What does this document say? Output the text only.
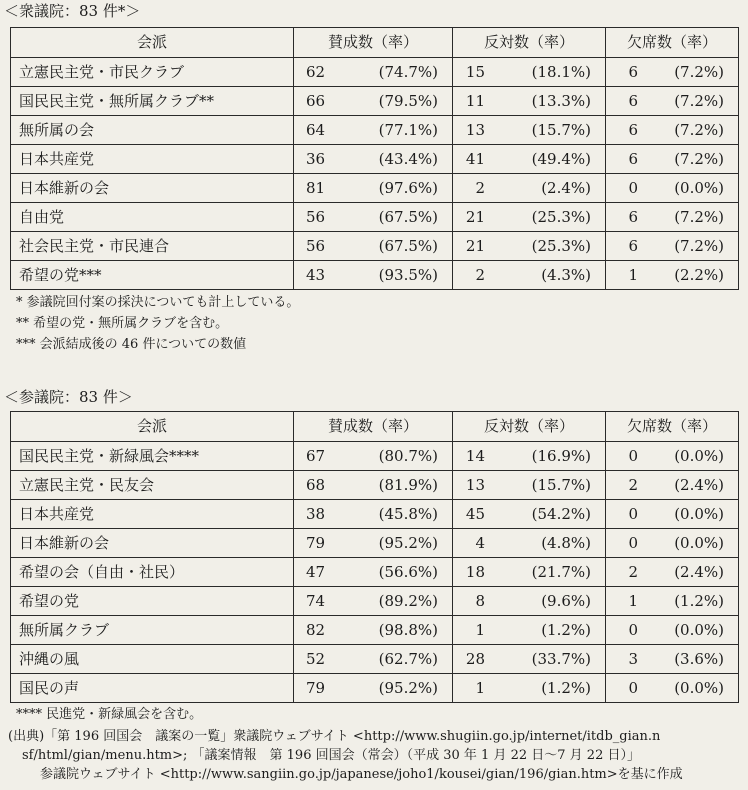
＜衆議院：83 件*＞
会派	賛成数（率）	反対数（率）	欠席数（率）
立憲民主党・市民クラブ	62 (74.7%)	15 (18.1%)	6 (7.2%)

国民民主党・無所属クラブ**	66 (79.5%)	11 (13.3%)	6 (7.2%)

無所属の会	64 (77.1%)	13 (15.7%)	6 (7.2%)

日本共産党	36 (43.4%)	41 (49.4%)	6 (7.2%)

日本維新の会	81 (97.6%)	2 (2.4%)	0 (0.0%)

自由党	56 (67.5%)	21 (25.3%)	6 (7.2%)

社会民主党・市民連合	56 (67.5%)	21 (25.3%)	6 (7.2%)

希望の党***	43 (93.5%)	2 (4.3%)	1 (2.2%)
* 参議院回付案の採決についても計上している。
** 希望の党・無所属クラブを含む。
*** 会派結成後の 46 件についての数値
＜参議院：83 件＞
会派	賛成数（率）	反対数（率）	欠席数（率）
国民民主党・新緑風会****	67 (80.7%)	14 (16.9%)	0 (0.0%)

立憲民主党・民友会	68 (81.9%)	13 (15.7%)	2 (2.4%)

日本共産党	38 (45.8%)	45 (54.2%)	0 (0.0%)

日本維新の会	79 (95.2%)	4 (4.8%)	0 (0.0%)

希望の会（自由・社民）	47 (56.6%)	18 (21.7%)	2 (2.4%)

希望の党	74 (89.2%)	8 (9.6%)	1 (1.2%)

無所属クラブ	82 (98.8%)	1 (1.2%)	0 (0.0%)

沖縄の風	52 (62.7%)	28 (33.7%)	3 (3.6%)

国民の声	79 (95.2%)	1 (1.2%)	0 (0.0%)
**** 民進党・新緑風会を含む。
(出典)「第 196 回国会　議案の一覧」衆議院ウェブサイト <http://www.shugiin.go.jp/internet/itdb_gian.n
sf/html/gian/menu.htm>; 「議案情報　第 196 回国会（常会）（平成 30 年 1 月 22 日～7 月 22 日）」
参議院ウェブサイト <http://www.sangiin.go.jp/japanese/joho1/kousei/gian/196/gian.htm>を基に作成
